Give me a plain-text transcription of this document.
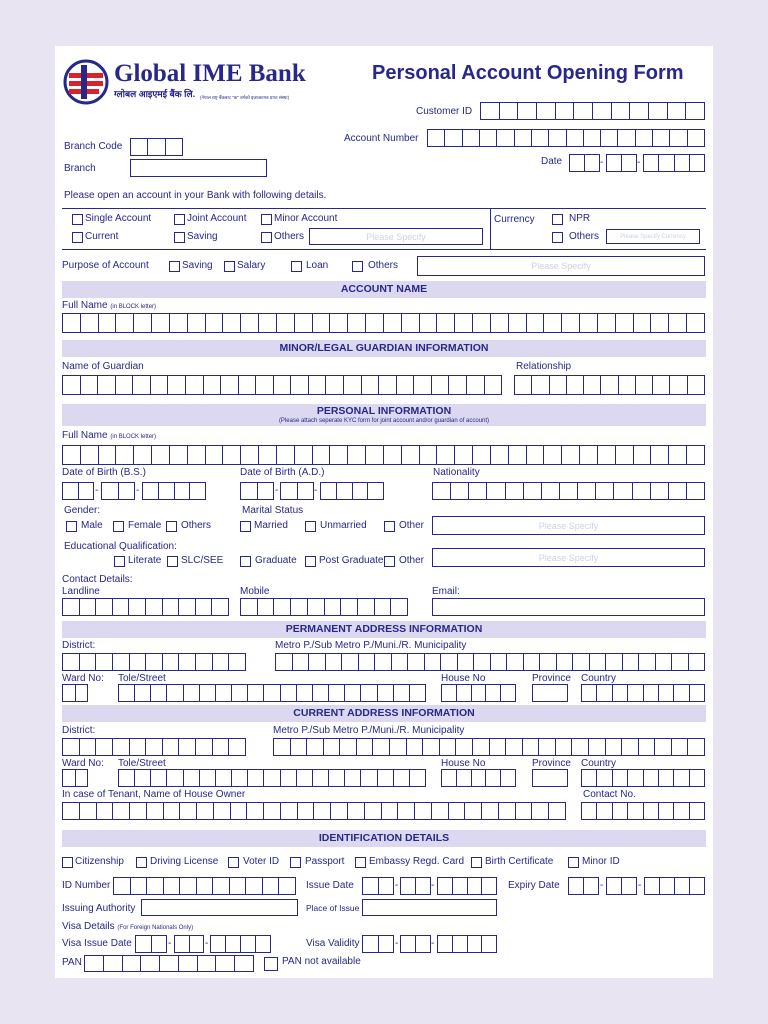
Global IME Bank
ग्लोबल आइएमई बैंक लि. (नेपाल राष्ट्र बैंकबाट "क" वर्गको इजाजतपत्र प्राप्त संस्था)
Personal Account Opening Form
Customer ID
Account Number
Branch Code
Branch
Date	-	-
Please open an account in your Bank with following details.
Single Account	Joint Account	Minor Account
Current	Saving	Others	Please Specify
Currency	NPR
Others	Please Specify Currency
Purpose of Account	Saving Salary	Loan	Others	Please Specify
ACCOUNT NAME
Full Name (in BLOCK letter)
MINOR/LEGAL GUARDIAN INFORMATION
Name of Guardian	Relationship
PERSONAL INFORMATION
(Please attach seperate KYC form for joint account and/or guardian of account)
Full Name (in BLOCK letter)
Date of Birth (B.S.)
-	-
Date of Birth (A.D.)
-	-
Nationality
Gender:
Male	Female Others
Marital Status
Married	Unmarried	Other	Please Specify
Educational Qualification:
Literate SLC/SEE	Graduate Post Graduate Other	Please Specify
Contact Details:
Landline	Mobile	Email:
PERMANENT ADDRESS INFORMATION
District:	Metro P./Sub Metro P./Muni./R. Municipality
Ward No: Tole/Street	House No	Province Country
CURRENT ADDRESS INFORMATION
District:	Metro P./Sub Metro P./Muni./R. Municipality
Ward No: Tole/Street	House No	Province Country
In case of Tenant, Name of House Owner	Contact No.
IDENTIFICATION DETAILS
Citizenship	Driving License Voter ID	Passport Embassy Regd. Card Birth Certificate	Minor ID
ID Number	Issue Date	-	-	Expiry Date	-	-
Issuing Authority	Place of Issue
Visa Details (For Foreign Nationals Only)
Visa Issue Date	-	-	Visa Validity	-	-
PAN	PAN not available
